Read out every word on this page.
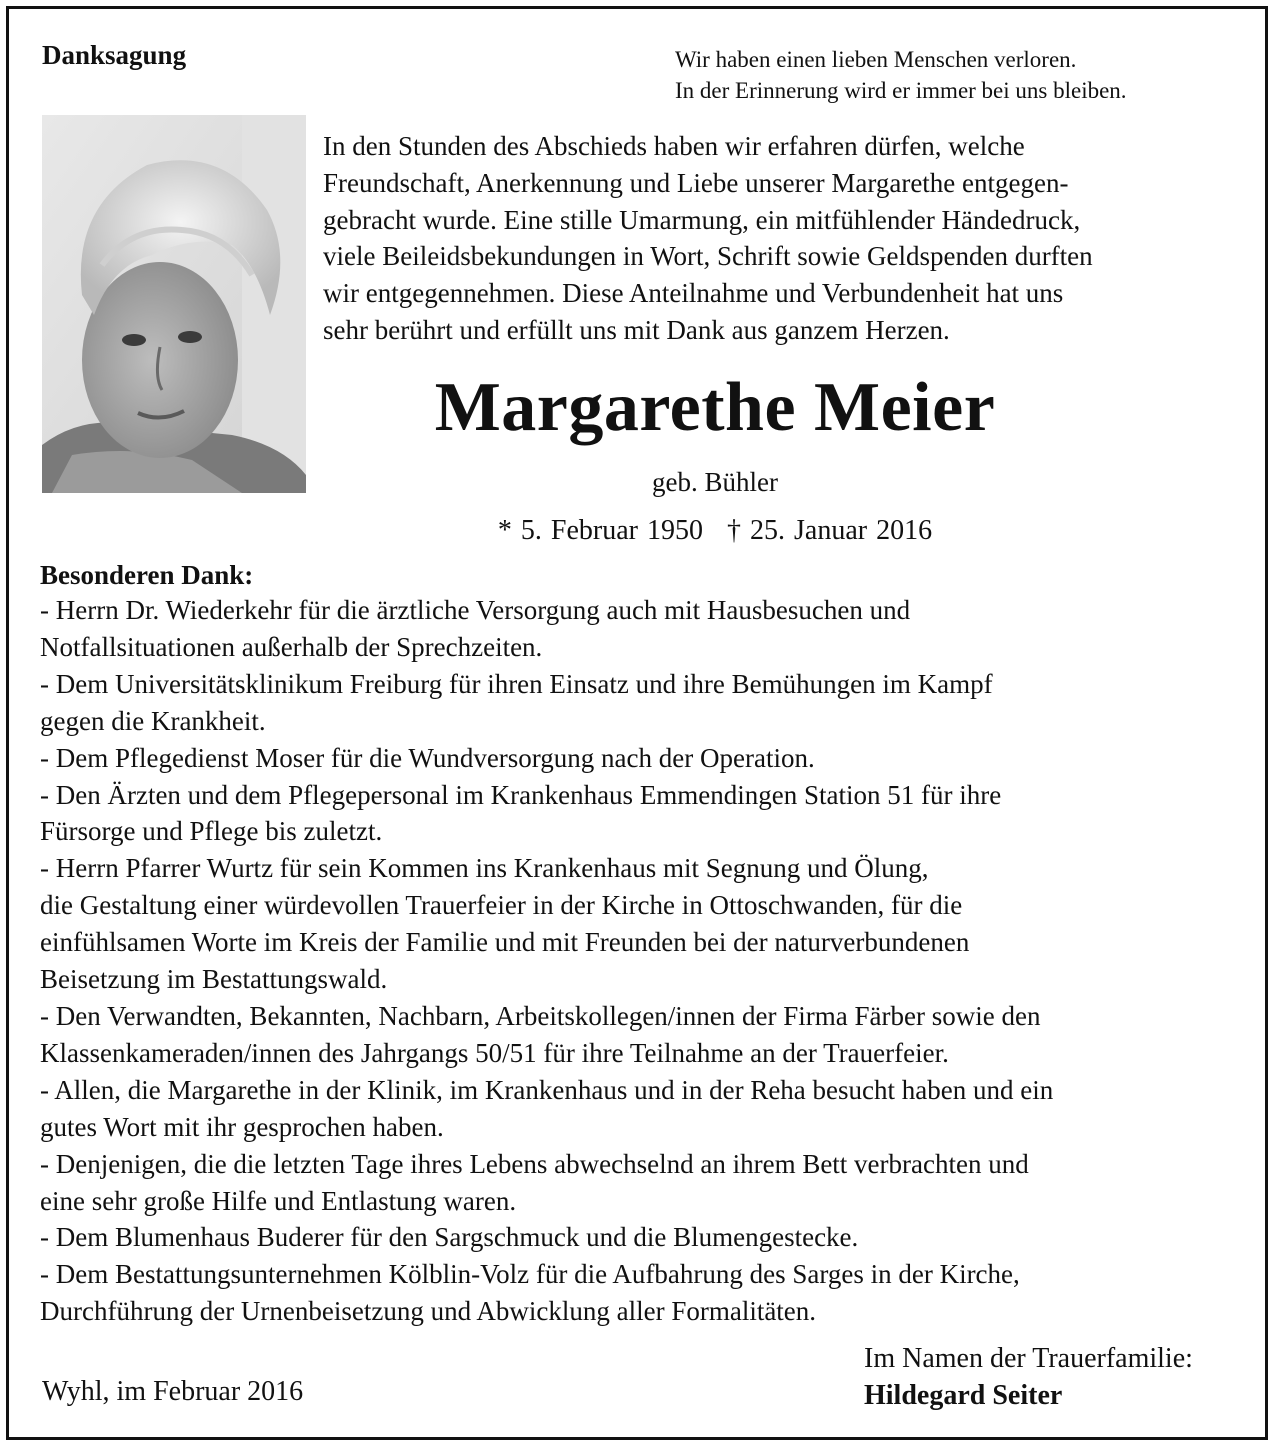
Danksagung	Wir haben einen lieben Menschen verloren.
In der Erinnerung wird er immer bei uns bleiben.
In den Stunden des Abschieds haben wir erfahren dürfen, welche
Freundschaft, Anerkennung und Liebe unserer Margarethe entgegen-
gebracht wurde. Eine stille Umarmung, ein mitfühlender Händedruck,
viele Beileidsbekundungen in Wort, Schrift sowie Geldspenden durften
wir entgegennehmen. Diese Anteilnahme und Verbundenheit hat uns
sehr berührt und erfüllt uns mit Dank aus ganzem Herzen.
Margarethe Meier
geb. Bühler
* 5. Februar 1950 † 25. Januar 2016
Besonderen Dank:
- Herrn Dr. Wiederkehr für die ärztliche Versorgung auch mit Hausbesuchen und
Notfallsituationen außerhalb der Sprechzeiten.
- Dem Universitätsklinikum Freiburg für ihren Einsatz und ihre Bemühungen im Kampf
gegen die Krankheit.
- Dem Pflegedienst Moser für die Wundversorgung nach der Operation.
- Den Ärzten und dem Pflegepersonal im Krankenhaus Emmendingen Station 51 für ihre
Fürsorge und Pflege bis zuletzt.
- Herrn Pfarrer Wurtz für sein Kommen ins Krankenhaus mit Segnung und Ölung,
die Gestaltung einer würdevollen Trauerfeier in der Kirche in Ottoschwanden, für die
einfühlsamen Worte im Kreis der Familie und mit Freunden bei der naturverbundenen
Beisetzung im Bestattungswald.
- Den Verwandten, Bekannten, Nachbarn, Arbeitskollegen/innen der Firma Färber sowie den
Klassenkameraden/innen des Jahrgangs 50/51 für ihre Teilnahme an der Trauerfeier.
- Allen, die Margarethe in der Klinik, im Krankenhaus und in der Reha besucht haben und ein
gutes Wort mit ihr gesprochen haben.
- Denjenigen, die die letzten Tage ihres Lebens abwechselnd an ihrem Bett verbrachten und
eine sehr große Hilfe und Entlastung waren.
- Dem Blumenhaus Buderer für den Sargschmuck und die Blumengestecke.
- Dem Bestattungsunternehmen Kölblin-Volz für die Aufbahrung des Sarges in der Kirche,
Durchführung der Urnenbeisetzung und Abwicklung aller Formalitäten.
Wyhl, im Februar 2016
Im Namen der Trauerfamilie:
Hildegard Seiter
